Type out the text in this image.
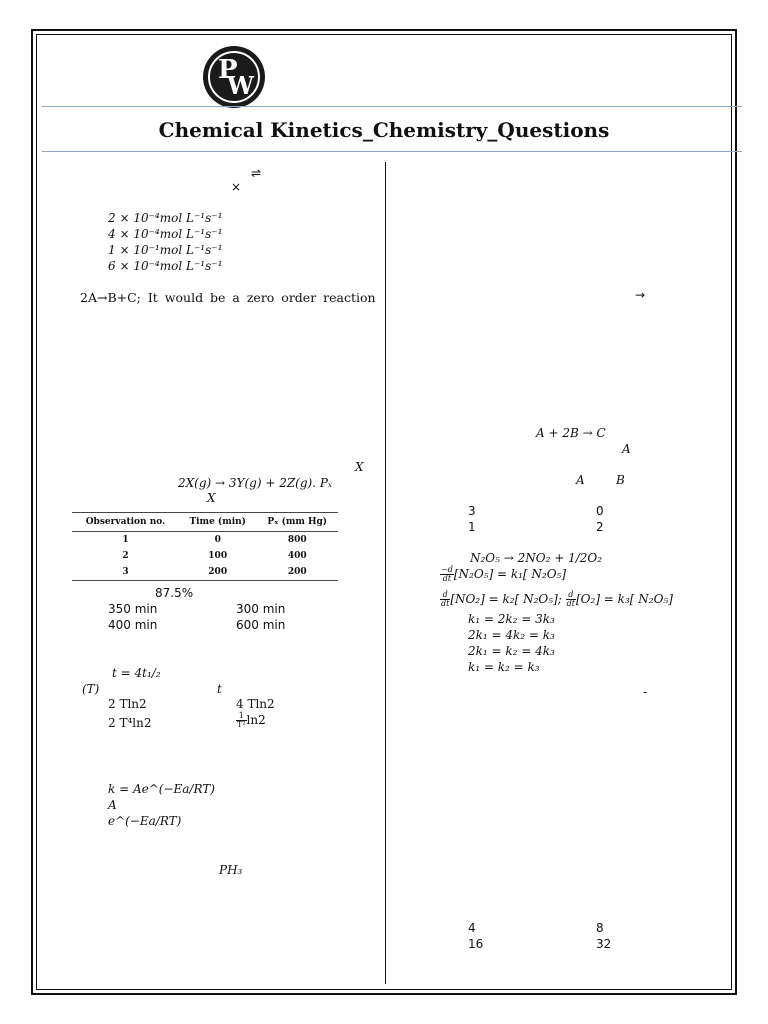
P
W
Chemical Kinetics_Chemistry_Questions
⇌
×
2 × 10⁻⁴mol L⁻¹s⁻¹
4 × 10⁻⁴mol L⁻¹s⁻¹
1 × 10⁻¹mol L⁻¹s⁻¹
6 × 10⁻⁴mol L⁻¹s⁻¹
2A→B+C; It would be a zero order reaction
X
2X(g) → 3Y(g) + 2Z(g). Pₓ
X
Observation no.	Time (min)	Pₓ (mm Hg)
1	0	800
2	100	400
3	200	200
87.5%
350 min	300 min
400 min	600 min
t = 4t₁/₂
(T)	t
2 Tln2	4 Tln2
2 T⁴ln2	$\frac{1}{\text{T²}} \ln 2$
k = Ae^(−Ea/RT)
A
e^(−Ea/RT)
PH₃
→
A + 2B → C
A
A	B
3	0
1	2
N₂O₅ → 2NO₂ + 1/2O₂
$\frac{-d}{dt} [N_2O_5] = k_1$[ N₂O₅]
$\frac{d}{dt} [NO_2] = k_2$[ N₂O₅]; $\frac{d}{dt} [O_2] = k_3$[ N₂O₅]
k₁ = 2k₂ = 3k₃
2k₁ = 4k₂ = k₃
2k₁ = k₂ = 4k₃
k₁ = k₂ = k₃
-
4	8
16	32
